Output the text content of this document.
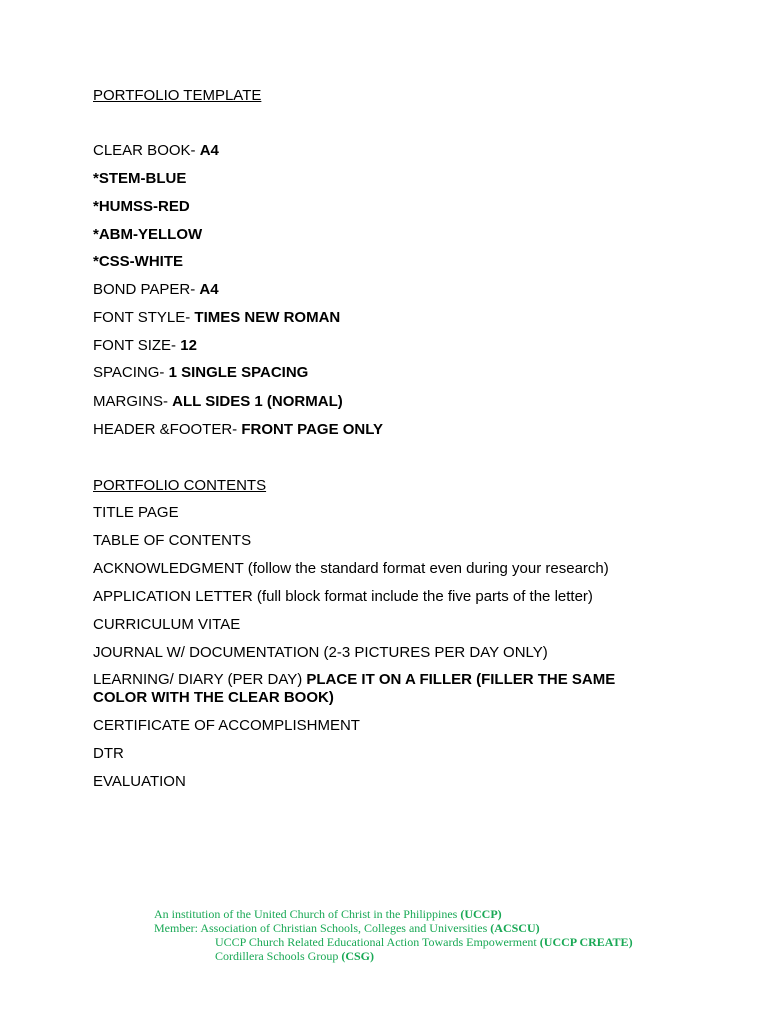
PORTFOLIO TEMPLATE
CLEAR BOOK- A4
*STEM-BLUE
*HUMSS-RED
*ABM-YELLOW
*CSS-WHITE
BOND PAPER- A4
FONT STYLE- TIMES NEW ROMAN
FONT SIZE- 12
SPACING- 1 SINGLE SPACING
MARGINS- ALL SIDES 1 (NORMAL)
HEADER &FOOTER- FRONT PAGE ONLY
PORTFOLIO CONTENTS
TITLE PAGE
TABLE OF CONTENTS
ACKNOWLEDGMENT (follow the standard format even during your research)
APPLICATION LETTER (full block format include the five parts of the letter)
CURRICULUM VITAE
JOURNAL W/ DOCUMENTATION (2-3 PICTURES PER DAY ONLY)
LEARNING/ DIARY (PER DAY) PLACE IT ON A FILLER (FILLER THE SAME COLOR WITH THE CLEAR BOOK)
CERTIFICATE OF ACCOMPLISHMENT
DTR
EVALUATION
An institution of the United Church of Christ in the Philippines (UCCP)
Member: Association of Christian Schools, Colleges and Universities (ACSCU)
UCCP Church Related Educational Action Towards Empowerment (UCCP CREATE)
Cordillera Schools Group (CSG)
